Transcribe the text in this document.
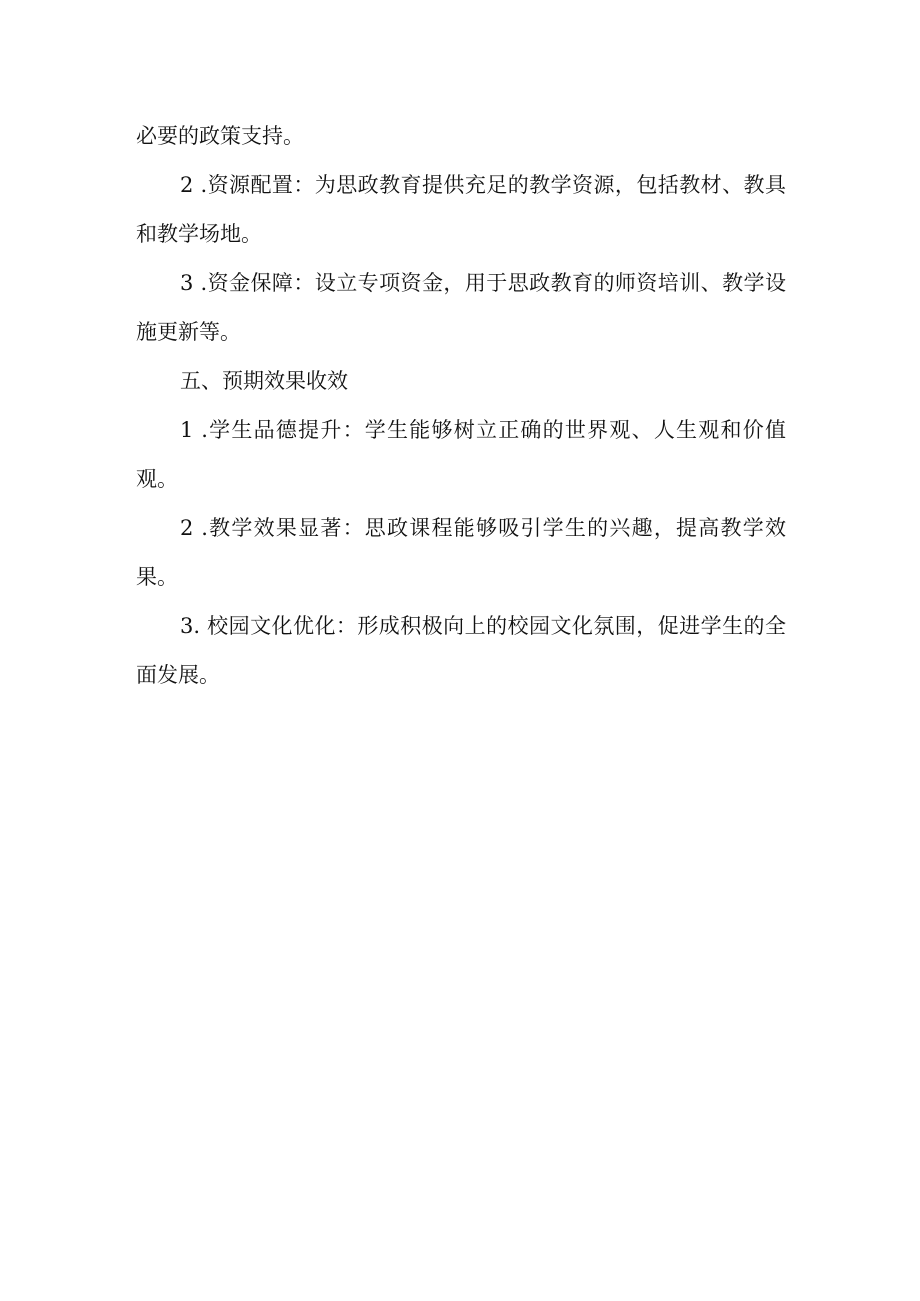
必要的政策支持。

2 .资源配置：为思政教育提供充足的教学资源，包括教材、教具和教学场地。

3 .资金保障：设立专项资金，用于思政教育的师资培训、教学设施更新等。

五、预期效果收效

1 .学生品德提升：学生能够树立正确的世界观、人生观和价值观。

2 .教学效果显著：思政课程能够吸引学生的兴趣，提高教学效果。

3. 校园文化优化：形成积极向上的校园文化氛围，促进学生的全面发展。
